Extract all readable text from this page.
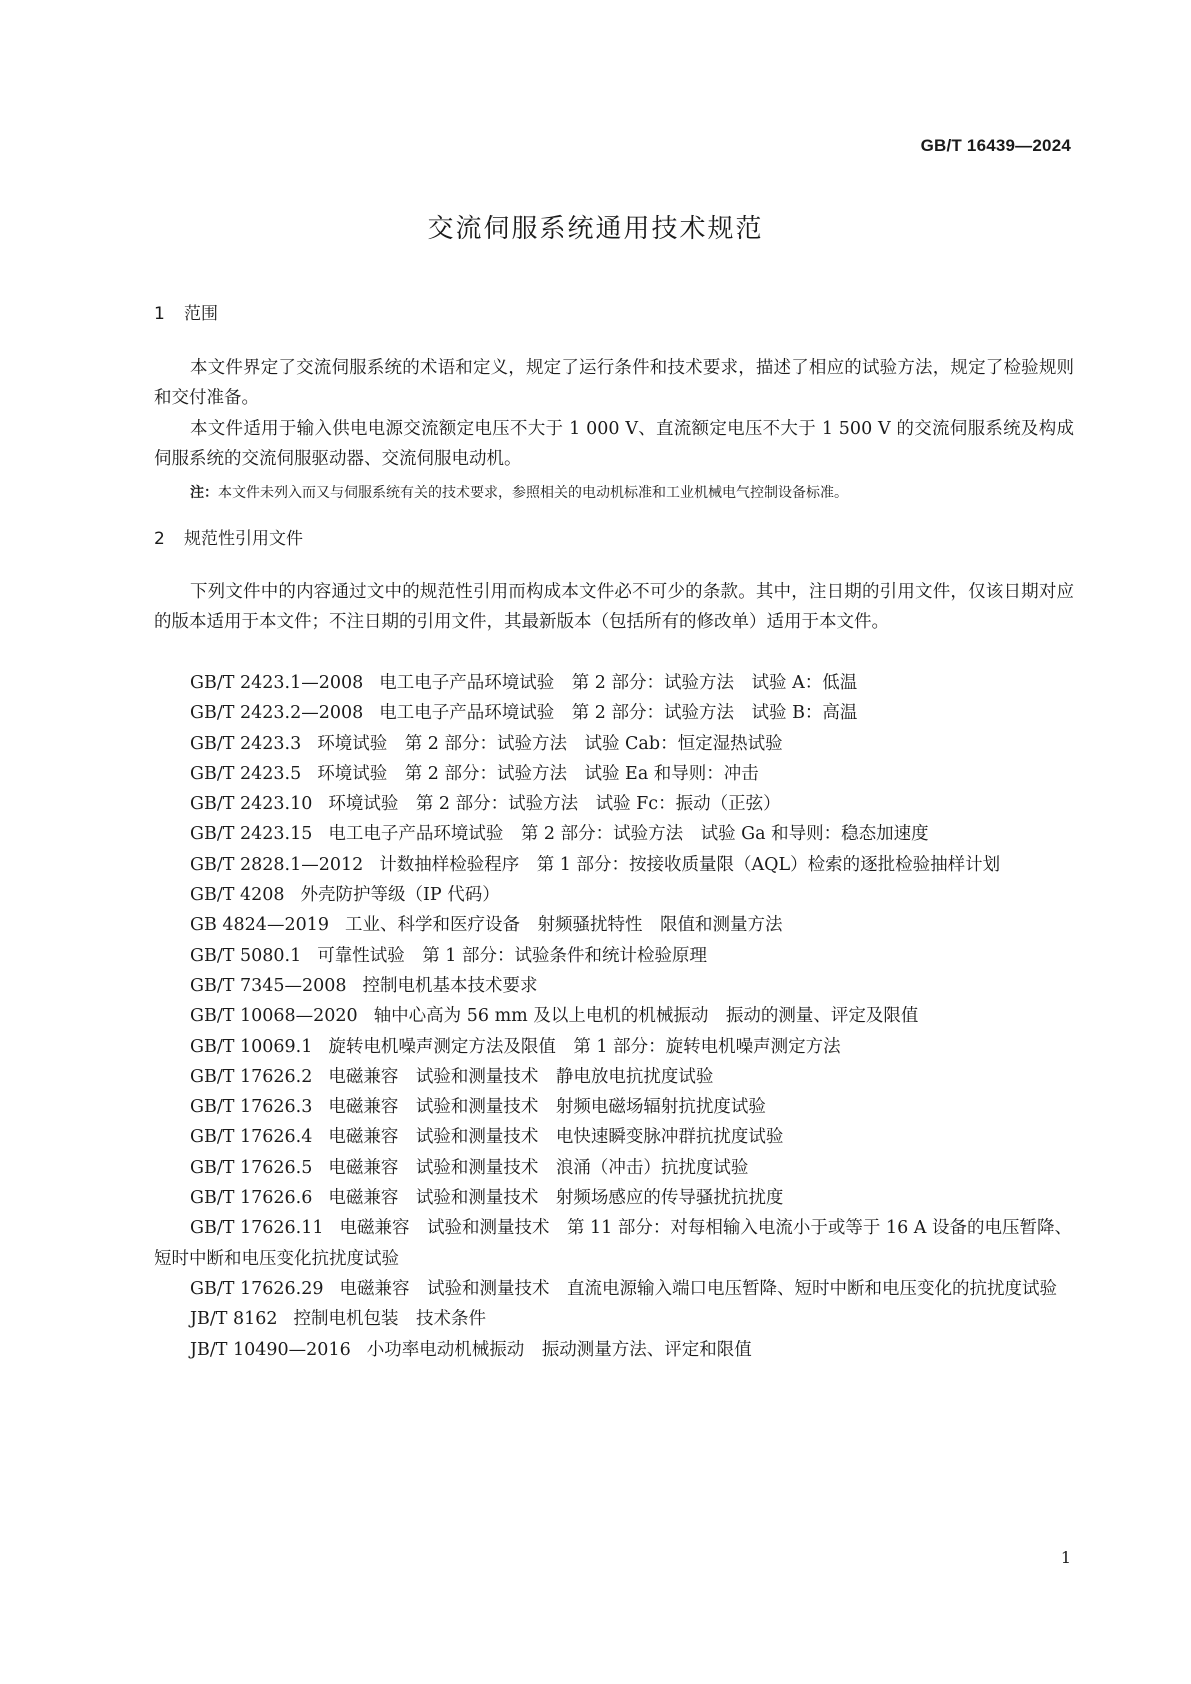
GB/T 16439—2024
交流伺服系统通用技术规范
1 范围

本文件界定了交流伺服系统的术语和定义，规定了运行条件和技术要求，描述了相应的试验方法，规定了检验规则和交付准备。

本文件适用于输入供电电源交流额定电压不大于 1 000 V、直流额定电压不大于 1 500 V 的交流伺服系统及构成伺服系统的交流伺服驱动器、交流伺服电动机。

注：本文件未列入而又与伺服系统有关的技术要求，参照相关的电动机标准和工业机械电气控制设备标准。

2 规范性引用文件

下列文件中的内容通过文中的规范性引用而构成本文件必不可少的条款。其中，注日期的引用文件，仅该日期对应的版本适用于本文件；不注日期的引用文件，其最新版本（包括所有的修改单）适用于本文件。

GB/T 2423.1—2008 电工电子产品环境试验　第 2 部分：试验方法　试验 A：低温

GB/T 2423.2—2008 电工电子产品环境试验　第 2 部分：试验方法　试验 B：高温

GB/T 2423.3 环境试验　第 2 部分：试验方法　试验 Cab：恒定湿热试验

GB/T 2423.5 环境试验　第 2 部分：试验方法　试验 Ea 和导则：冲击

GB/T 2423.10 环境试验　第 2 部分：试验方法　试验 Fc：振动（正弦）

GB/T 2423.15 电工电子产品环境试验　第 2 部分：试验方法　试验 Ga 和导则：稳态加速度

GB/T 2828.1—2012 计数抽样检验程序　第 1 部分：按接收质量限（AQL）检索的逐批检验抽样计划

GB/T 4208 外壳防护等级（IP 代码）

GB 4824—2019 工业、科学和医疗设备　射频骚扰特性　限值和测量方法

GB/T 5080.1 可靠性试验　第 1 部分：试验条件和统计检验原理

GB/T 7345—2008 控制电机基本技术要求

GB/T 10068—2020 轴中心高为 56 mm 及以上电机的机械振动　振动的测量、评定及限值

GB/T 10069.1 旋转电机噪声测定方法及限值　第 1 部分：旋转电机噪声测定方法

GB/T 17626.2 电磁兼容　试验和测量技术　静电放电抗扰度试验

GB/T 17626.3 电磁兼容　试验和测量技术　射频电磁场辐射抗扰度试验

GB/T 17626.4 电磁兼容　试验和测量技术　电快速瞬变脉冲群抗扰度试验

GB/T 17626.5 电磁兼容　试验和测量技术　浪涌（冲击）抗扰度试验

GB/T 17626.6 电磁兼容　试验和测量技术　射频场感应的传导骚扰抗扰度

GB/T 17626.11 电磁兼容　试验和测量技术　第 11 部分：对每相输入电流小于或等于 16 A 设备的电压暂降、短时中断和电压变化抗扰度试验

GB/T 17626.29 电磁兼容　试验和测量技术　直流电源输入端口电压暂降、短时中断和电压变化的抗扰度试验

JB/T 8162 控制电机包装　技术条件

JB/T 10490—2016 小功率电动机械振动　振动测量方法、评定和限值

1
